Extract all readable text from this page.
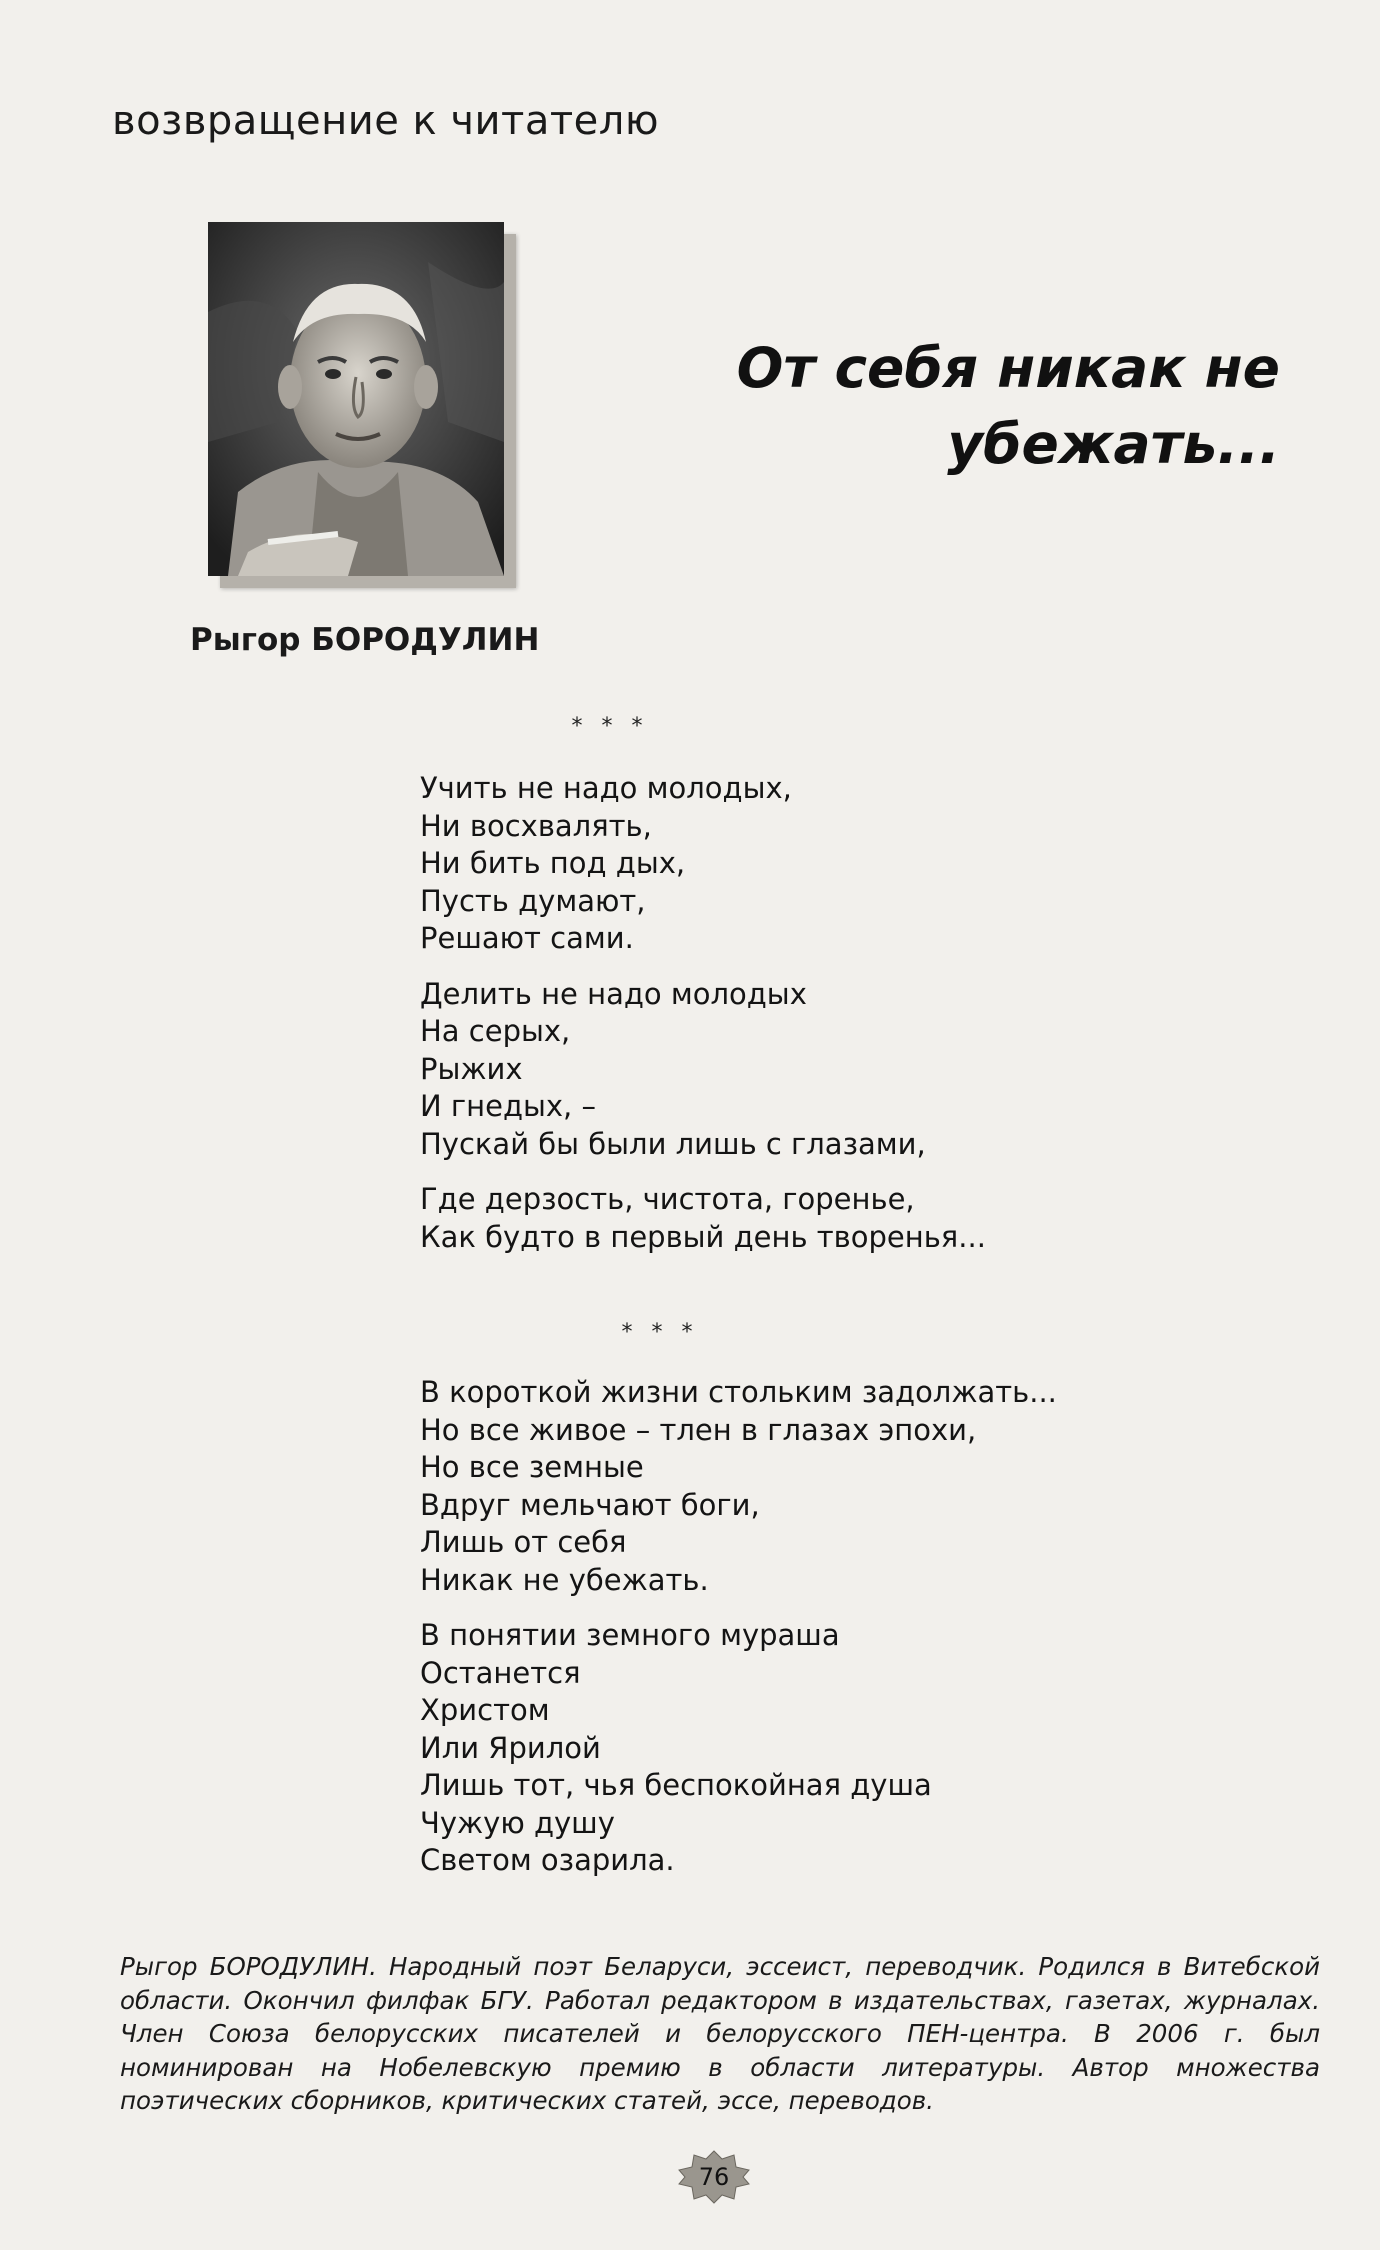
возвращение к читателю
Рыгор БОРОДУЛИН
От себя никак не
убежать...
* * *
Учить не надо молодых,
Ни восхвалять,
Ни бить под дых,
Пусть думают,
Решают сами.
Делить не надо молодых
На серых,
Рыжих
И гнедых, –
Пускай бы были лишь с глазами,
Где дерзость, чистота, горенье,
Как будто в первый день творенья...
* * *
В короткой жизни стольким задолжать...
Но все живое – тлен в глазах эпохи,
Но все земные
Вдруг мельчают боги,
Лишь от себя
Никак не убежать.
В понятии земного мураша
Останется
Христом
Или Ярилой
Лишь тот, чья беспокойная душа
Чужую душу
Светом озарила.
Рыгор БОРОДУЛИН. Народный поэт Беларуси, эссеист, переводчик. Родился в Витебской области. Окончил филфак БГУ. Работал редактором в издательствах, газетах, журналах. Член Союза белорусских писателей и белорусского ПЕН-центра. В 2006 г. был номинирован на Нобелевскую премию в области литературы. Автор множества поэтических сборников, критических статей, эссе, переводов.
76
